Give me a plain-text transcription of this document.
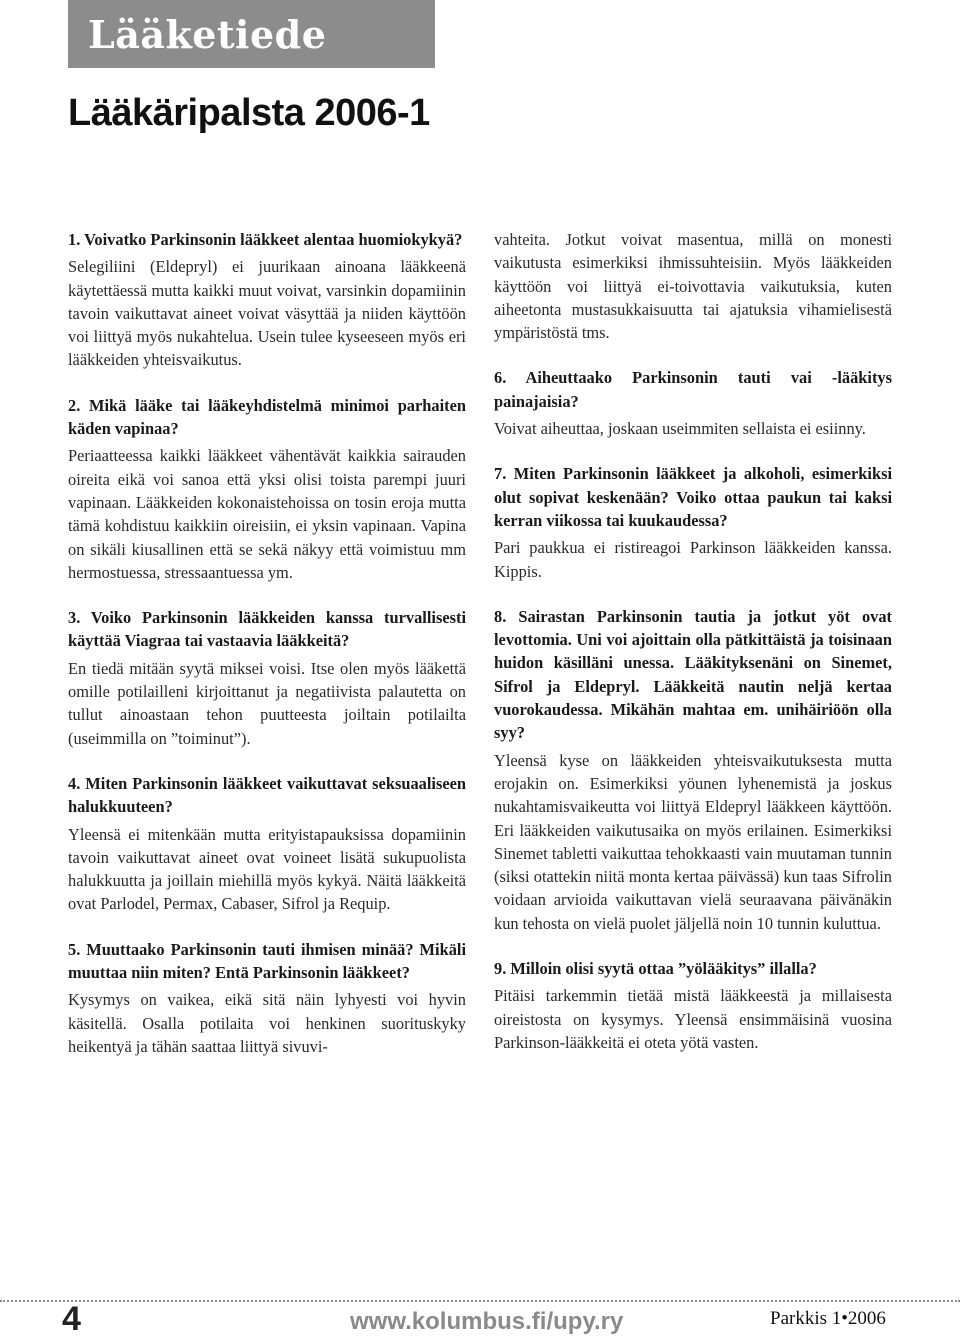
Lääketiede
Lääkäripalsta 2006-1

1. Voivatko Parkinsonin lääkkeet alentaa huomiokykyä?

Selegiliini (Eldepryl) ei juurikaan ainoana lääkkeenä käytettäessä mutta kaikki muut voivat, varsinkin dopamiinin tavoin vaikuttavat aineet voivat väsyttää ja niiden käyttöön voi liittyä myös nukahtelua. Usein tulee kyseeseen myös eri lääkkeiden yhteisvaikutus.

2. Mikä lääke tai lääkeyhdistelmä minimoi parhaiten käden vapinaa?

Periaatteessa kaikki lääkkeet vähentävät kaikkia sairauden oireita eikä voi sanoa että yksi olisi toista parempi juuri vapinaan. Lääkkeiden kokonaistehoissa on tosin eroja mutta tämä kohdistuu kaikkiin oireisiin, ei yksin vapinaan. Vapina on sikäli kiusallinen että se sekä näkyy että voimistuu mm hermostuessa, stressaantuessa ym.

3. Voiko Parkinsonin lääkkeiden kanssa turvallisesti käyttää Viagraa tai vastaavia lääkkeitä?

En tiedä mitään syytä miksei voisi. Itse olen myös lääkettä omille potilailleni kirjoittanut ja negatiivista palautetta on tullut ainoastaan tehon puutteesta joiltain potilailta (useimmilla on ”toiminut”).

4. Miten Parkinsonin lääkkeet vaikuttavat seksuaaliseen halukkuuteen?

Yleensä ei mitenkään mutta erityistapauksissa dopamiinin tavoin vaikuttavat aineet ovat voineet lisätä sukupuolista halukkuutta ja joillain miehillä myös kykyä. Näitä lääkkeitä ovat Parlodel, Permax, Cabaser, Sifrol ja Requip.

5. Muuttaako Parkinsonin tauti ihmisen minää? Mikäli muuttaa niin miten? Entä Parkinsonin lääkkeet?

Kysymys on vaikea, eikä sitä näin lyhyesti voi hyvin käsitellä. Osalla potilaita voi henkinen suorituskyky heikentyä ja tähän saattaa liittyä sivuvi-

vahteita. Jotkut voivat masentua, millä on monesti vaikutusta esimerkiksi ihmissuhteisiin. Myös lääkkeiden käyttöön voi liittyä ei-toivottavia vaikutuksia, kuten aiheetonta mustasukkaisuutta tai ajatuksia vihamielisestä ympäristöstä tms.

6. Aiheuttaako Parkinsonin tauti vai -lääkitys painajaisia?

Voivat aiheuttaa, joskaan useimmiten sellaista ei esiinny.

7. Miten Parkinsonin lääkkeet ja alkoholi, esimerkiksi olut sopivat keskenään? Voiko ottaa paukun tai kaksi kerran viikossa tai kuukaudessa?

Pari paukkua ei ristireagoi Parkinson lääkkeiden kanssa. Kippis.

8. Sairastan Parkinsonin tautia ja jotkut yöt ovat levottomia. Uni voi ajoittain olla pätkittäistä ja toisinaan huidon käsilläni unessa. Lääkityksenäni on Sinemet, Sifrol ja Eldepryl. Lääkkeitä nautin neljä kertaa vuorokaudessa. Mikähän mahtaa em. unihäiriöön olla syy?

Yleensä kyse on lääkkeiden yhteisvaikutuksesta mutta erojakin on. Esimerkiksi yöunen lyhenemistä ja joskus nukahtamisvaikeutta voi liittyä Eldepryl lääkkeen käyttöön. Eri lääkkeiden vaikutusaika on myös erilainen. Esimerkiksi Sinemet tabletti vaikuttaa tehokkaasti vain muutaman tunnin (siksi otattekin niitä monta kertaa päivässä) kun taas Sifrolin voidaan arvioida vaikuttavan vielä seuraavana päivänäkin kun tehosta on vielä puolet jäljellä noin 10 tunnin kuluttua.

9. Milloin olisi syytä ottaa ”yölääkitys” illalla?

Pitäisi tarkemmin tietää mistä lääkkeestä ja millaisesta oireistosta on kysymys. Yleensä ensimmäisinä vuosina Parkinson-lääkkeitä ei oteta yötä vasten.

4	www.kolumbus.fi/upy.ry	Parkkis 1•2006
